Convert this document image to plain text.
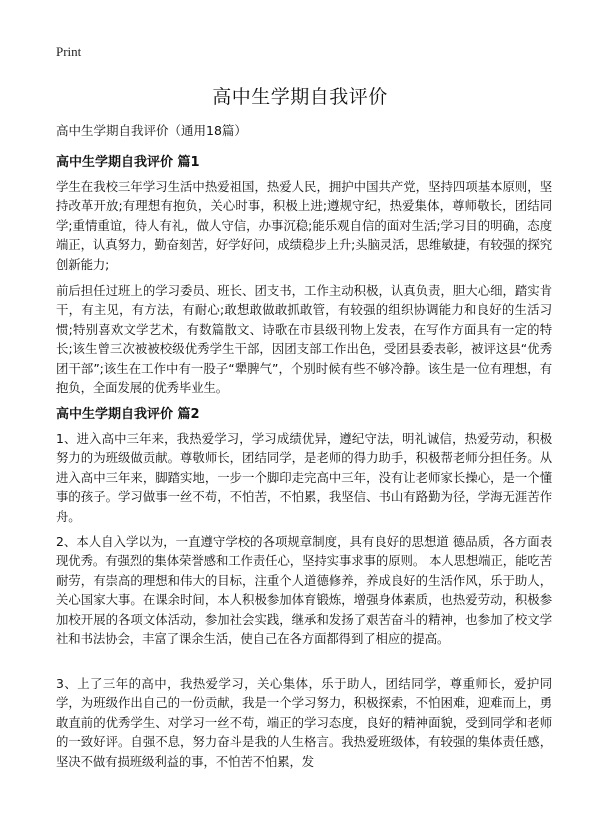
Print
高中生学期自我评价

高中生学期自我评价（通用18篇）

高中生学期自我评价 篇1

学生在我校三年学习生活中热爱祖国，热爱人民，拥护中国共产党，坚持四项基本原则，坚持改革开放;有理想有抱负，关心时事，积极上进;遵规守纪，热爱集体，尊师敬长，团结同学;重情重谊，待人有礼，做人守信，办事沉稳;能乐观自信的面对生活;学习目的明确，态度端正，认真努力，勤奋刻苦，好学好问，成绩稳步上升;头脑灵活，思维敏捷，有较强的探究创新能力;

前后担任过班上的学习委员、班长、团支书，工作主动积极，认真负责，胆大心细，踏实肯干，有主见，有方法，有耐心;敢想敢做敢抓敢管，有较强的组织协调能力和良好的生活习惯;特别喜欢文学艺术，有数篇散文、诗歌在市县级刊物上发表，在写作方面具有一定的特长;该生曾三次被被校级优秀学生干部，因团支部工作出色，受团县委表彰，被评这县“优秀团干部”;该生在工作中有一股子“犟脾气”，个别时候有些不够冷静。该生是一位有理想，有抱负，全面发展的优秀毕业生。

高中生学期自我评价 篇2

1、进入高中三年来，我热爱学习，学习成绩优异，遵纪守法，明礼诚信，热爱劳动，积极努力的为班级做贡献。尊敬师长，团结同学，是老师的得力助手，积极帮老师分担任务。从进入高中三年来，脚踏实地，一步一个脚印走完高中三年，没有让老师家长操心，是一个懂事的孩子。学习做事一丝不苟，不怕苦，不怕累，我坚信、书山有路勤为径，学海无涯苦作舟。

2、本人自入学以为，一直遵守学校的各项规章制度，具有良好的思想道 德品质，各方面表现优秀。有强烈的集体荣誉感和工作责任心，坚持实事求事的原则。 本人思想端正，能吃苦耐劳，有崇高的理想和伟大的目标，注重个人道德修养，养成良好的生活作风，乐于助人，关心国家大事。在课余时间，本人积极参加体育锻炼，增强身体素质，也热爱劳动，积极参加校开展的各项文体活动，参加社会实践，继承和发扬了艰苦奋斗的精神，也参加了校文学社和书法协会，丰富了课余生活，使自己在各方面都得到了相应的提高。

3、上了三年的高中，我热爱学习，关心集体，乐于助人，团结同学，尊重师长，爱护同学，为班级作出自己的一份贡献，我是一个学习努力，积极探索，不怕困难，迎难而上，勇敢直前的优秀学生、对学习一丝不苟，端正的学习态度，良好的精神面貌，受到同学和老师的一致好评。自强不息，努力奋斗是我的人生格言。我热爱班级体，有较强的集体责任感，坚决不做有损班级利益的事，不怕苦不怕累，发
